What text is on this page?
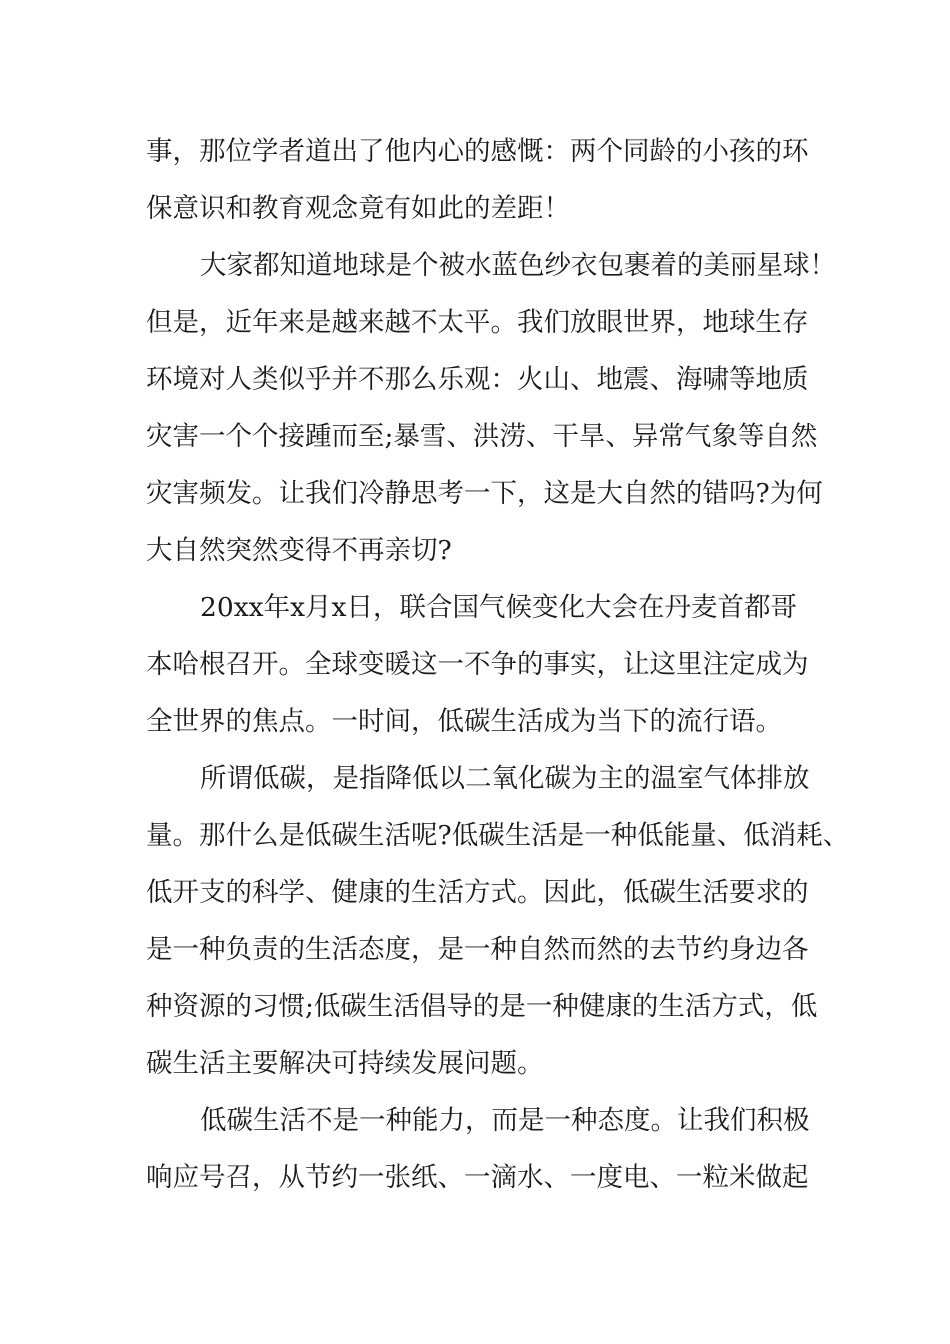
事，那位学者道出了他内心的感慨：两个同龄的小孩的环
保意识和教育观念竟有如此的差距！
大家都知道地球是个被水蓝色纱衣包裹着的美丽星球！
但是，近年来是越来越不太平。我们放眼世界，地球生存
环境对人类似乎并不那么乐观：火山、地震、海啸等地质
灾害一个个接踵而至;暴雪、洪涝、干旱、异常气象等自然
灾害频发。让我们冷静思考一下，这是大自然的错吗?为何
大自然突然变得不再亲切?
20xx年x月x日，联合国气候变化大会在丹麦首都哥
本哈根召开。全球变暖这一不争的事实，让这里注定成为
全世界的焦点。一时间，低碳生活成为当下的流行语。
所谓低碳，是指降低以二氧化碳为主的温室气体排放
量。那什么是低碳生活呢?低碳生活是一种低能量、低消耗、
低开支的科学、健康的生活方式。因此，低碳生活要求的
是一种负责的生活态度，是一种自然而然的去节约身边各
种资源的习惯;低碳生活倡导的是一种健康的生活方式，低
碳生活主要解决可持续发展问题。
低碳生活不是一种能力，而是一种态度。让我们积极
响应号召，从节约一张纸、一滴水、一度电、一粒米做起
